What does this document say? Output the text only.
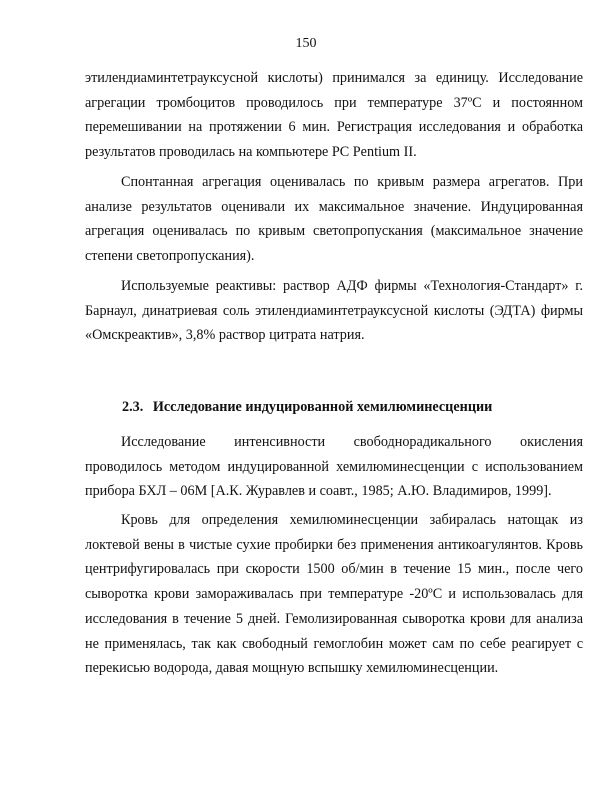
150
этилендиаминтетрауксусной кислоты) принимался за единицу. Исследование агрегации тромбоцитов проводилось при температуре 37ºС и постоянном перемешивании на протяжении 6 мин. Регистрация исследования и обработка результатов проводилась на компьютере PC Pentium II.
Спонтанная агрегация оценивалась по кривым размера агрегатов. При анализе результатов оценивали их максимальное значение. Индуцированная агрегация оценивалась по кривым светопропускания (максимальное значение степени светопропускания).
Используемые реактивы: раствор АДФ фирмы «Технология-Стандарт» г. Барнаул, динатриевая соль этилендиаминтетрауксусной кислоты (ЭДТА) фирмы «Омскреактив», 3,8% раствор цитрата натрия.
2.3. Исследование индуцированной хемилюминесценции
Исследование интенсивности свободнорадикального окисления проводилось методом индуцированной хемилюминесценции с использованием прибора БХЛ – 06М [А.К. Журавлев и соавт., 1985; А.Ю. Владимиров, 1999].
Кровь для определения хемилюминесценции забиралась натощак из локтевой вены в чистые сухие пробирки без применения антикоагулянтов. Кровь центрифугировалась при скорости 1500 об/мин в течение 15 мин., после чего сыворотка крови замораживалась при температуре -20ºС и использовалась для исследования в течение 5 дней. Гемолизированная сыворотка крови для анализа не применялась, так как свободный гемоглобин может сам по себе реагирует с перекисью водорода, давая мощную вспышку хемилюминесценции.
